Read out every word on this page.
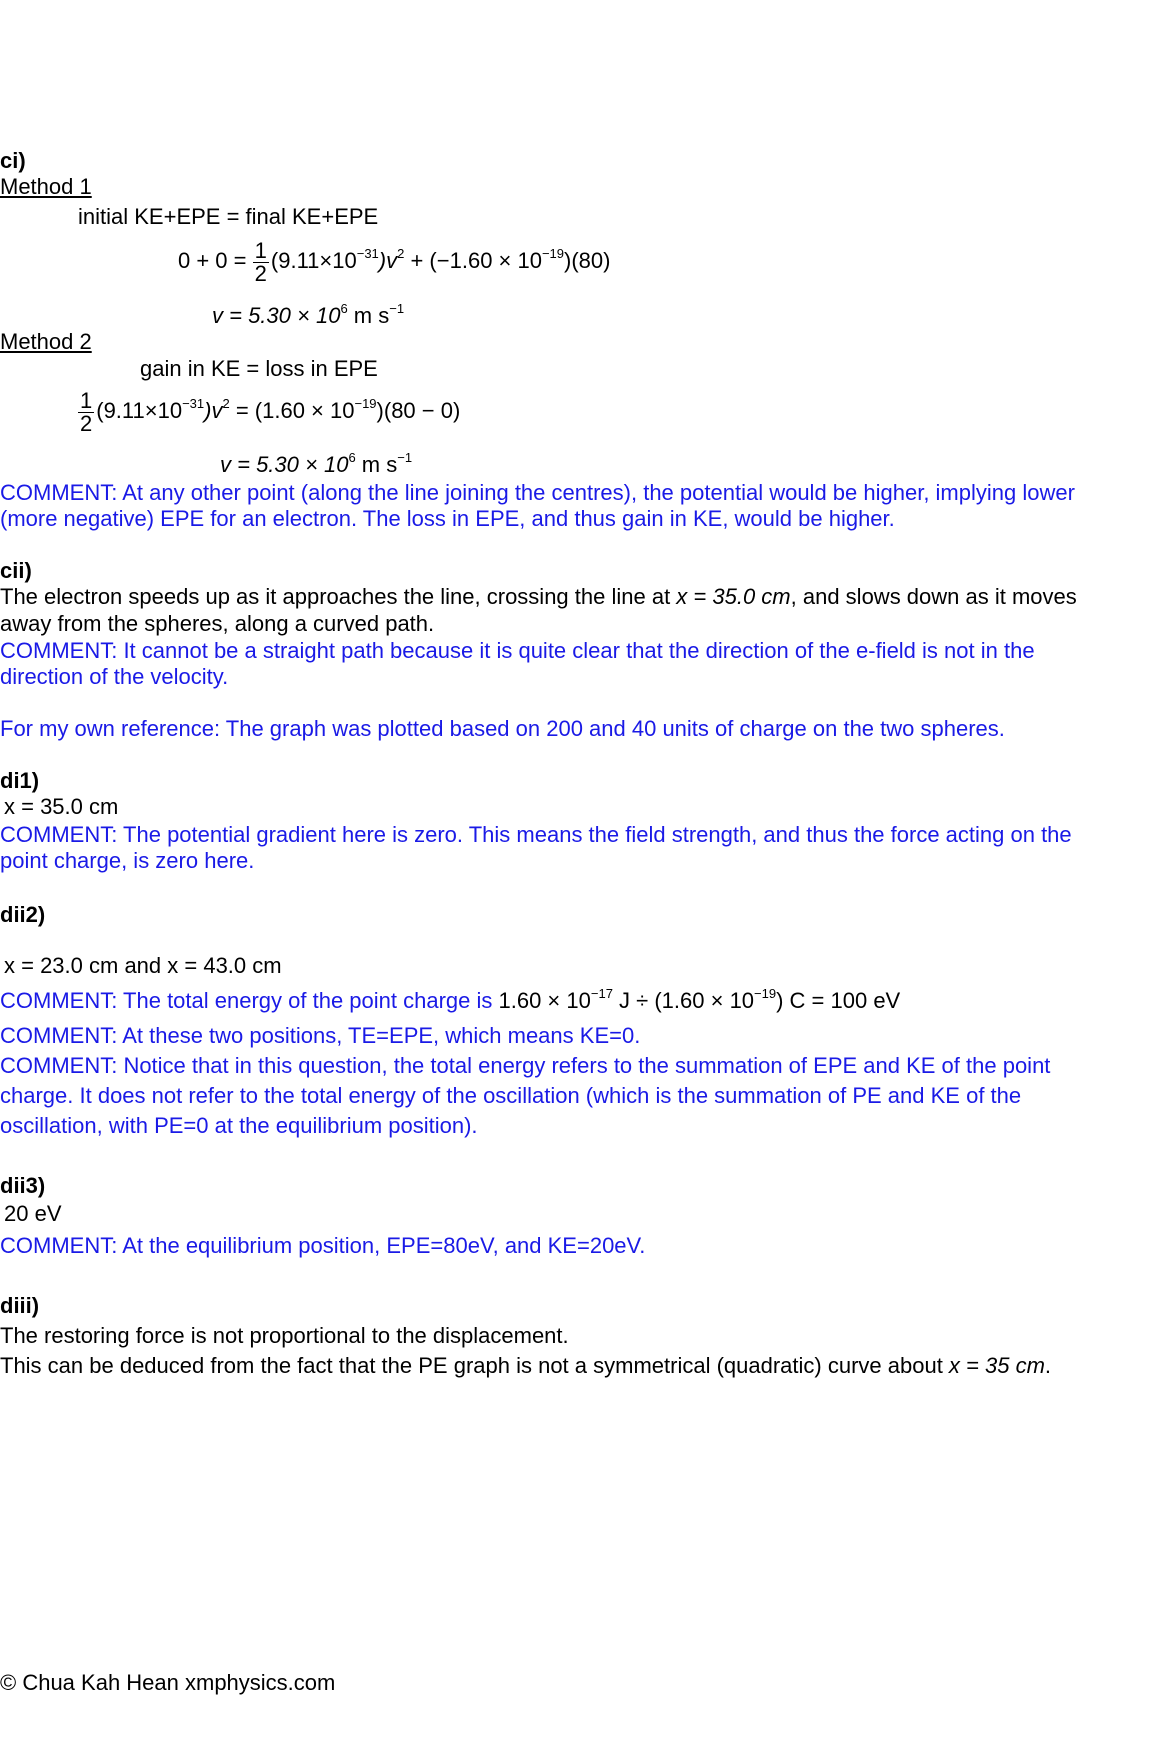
ci)
Method 1
initial KE+EPE = final KE+EPE
$0 + 0 = \frac{1}{2} (9.11\times 10^{-31})v^2 + (-1.60 \times 10^{-19})(80)$
$v = 5.30 \times 10^6$ m $s^{-1}$
Method 2
gain in KE = loss in EPE
$\frac{1}{2} (9.11\times 10^{-31})v^2 = (1.60 \times 10^{-19})(80 - 0)$
$v = 5.30 \times 10^6$ m $s^{-1}$
COMMENT: At any other point (along the line joining the centres), the potential would be higher, implying lower
(more negative) EPE for an electron. The loss in EPE, and thus gain in KE, would be higher.
cii)
The electron speeds up as it approaches the line, crossing the line at x = 35.0 cm, and slows down as it moves
away from the spheres, along a curved path.
COMMENT: It cannot be a straight path because it is quite clear that the direction of the e-field is not in the
direction of the velocity.
For my own reference: The graph was plotted based on 200 and 40 units of charge on the two spheres.
di1)
x = 35.0 cm
COMMENT: The potential gradient here is zero. This means the field strength, and thus the force acting on the
point charge, is zero here.
dii2)
x = 23.0 cm and x = 43.0 cm
COMMENT: The total energy of the point charge is $1.60 \times 10^{-17}$ $J \div (1.60 \times 10^{-19})$ C = 100 eV
COMMENT: At these two positions, TE=EPE, which means KE=0.
COMMENT: Notice that in this question, the total energy refers to the summation of EPE and KE of the point
charge. It does not refer to the total energy of the oscillation (which is the summation of PE and KE of the
oscillation, with PE=0 at the equilibrium position).
dii3)
20 eV
COMMENT: At the equilibrium position, EPE=80eV, and KE=20eV.
diii)
The restoring force is not proportional to the displacement.
This can be deduced from the fact that the PE graph is not a symmetrical (quadratic) curve about x = 35 cm.
© Chua Kah Hean xmphysics.com
